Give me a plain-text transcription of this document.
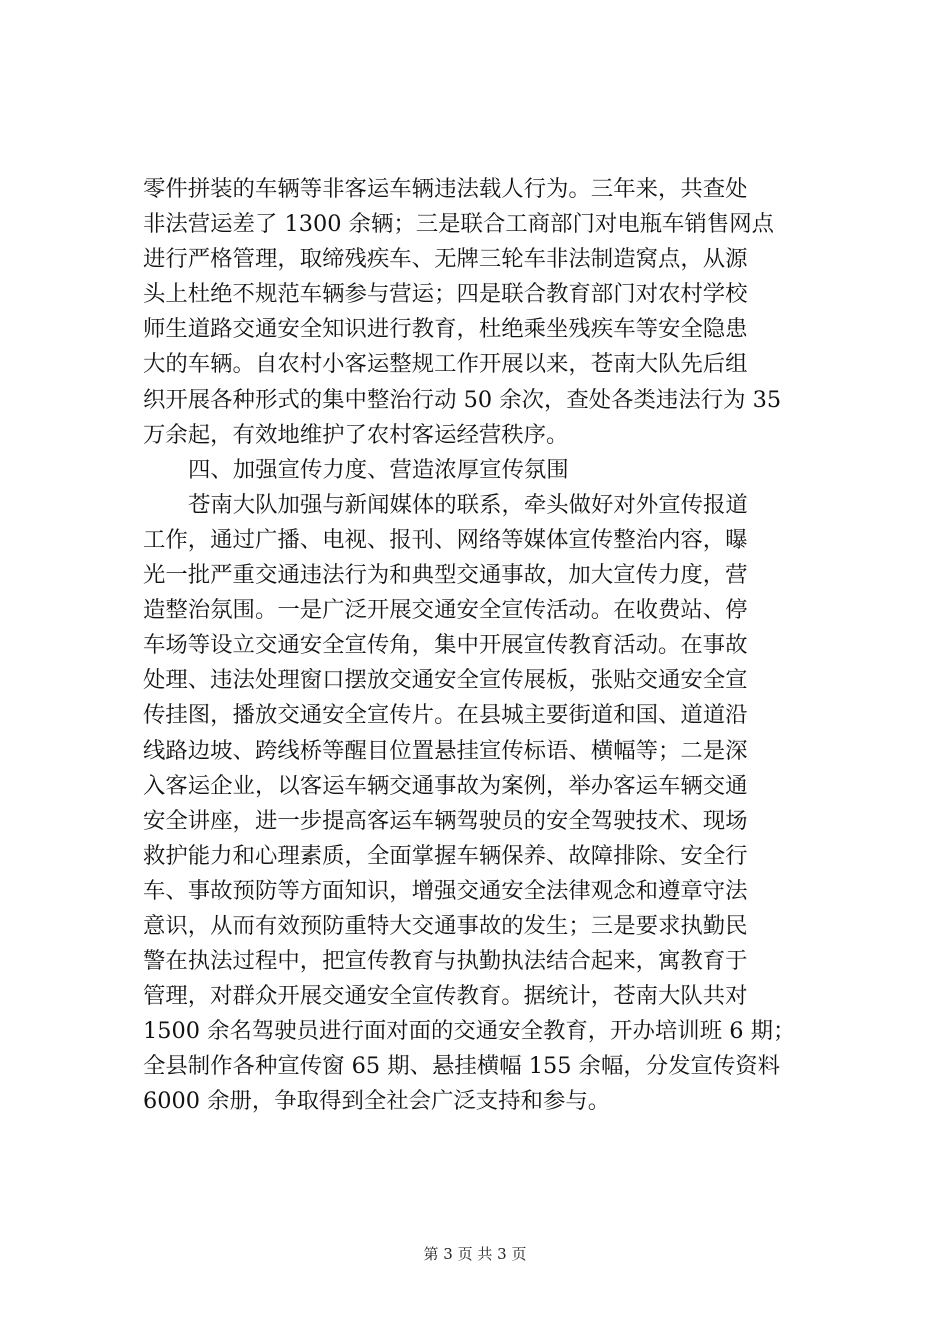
零件拼装的车辆等非客运车辆违法载人行为。三年来，共查处
非法营运差了 1300 余辆；三是联合工商部门对电瓶车销售网点
进行严格管理，取缔残疾车、无牌三轮车非法制造窝点，从源
头上杜绝不规范车辆参与营运；四是联合教育部门对农村学校
师生道路交通安全知识进行教育，杜绝乘坐残疾车等安全隐患
大的车辆。自农村小客运整规工作开展以来，苍南大队先后组
织开展各种形式的集中整治行动 50 余次，查处各类违法行为 35
万余起，有效地维护了农村客运经营秩序。
四、加强宣传力度、营造浓厚宣传氛围
苍南大队加强与新闻媒体的联系，牵头做好对外宣传报道
工作，通过广播、电视、报刊、网络等媒体宣传整治内容，曝
光一批严重交通违法行为和典型交通事故，加大宣传力度，营
造整治氛围。一是广泛开展交通安全宣传活动。在收费站、停
车场等设立交通安全宣传角，集中开展宣传教育活动。在事故
处理、违法处理窗口摆放交通安全宣传展板，张贴交通安全宣
传挂图，播放交通安全宣传片。在县城主要街道和国、道道沿
线路边坡、跨线桥等醒目位置悬挂宣传标语、横幅等；二是深
入客运企业，以客运车辆交通事故为案例，举办客运车辆交通
安全讲座，进一步提高客运车辆驾驶员的安全驾驶技术、现场
救护能力和心理素质，全面掌握车辆保养、故障排除、安全行
车、事故预防等方面知识，增强交通安全法律观念和遵章守法
意识，从而有效预防重特大交通事故的发生；三是要求执勤民
警在执法过程中，把宣传教育与执勤执法结合起来，寓教育于
管理，对群众开展交通安全宣传教育。据统计，苍南大队共对
1500 余名驾驶员进行面对面的交通安全教育，开办培训班 6 期；
全县制作各种宣传窗 65 期、悬挂横幅 155 余幅，分发宣传资料
6000 余册，争取得到全社会广泛支持和参与。
第 3 页 共 3 页
